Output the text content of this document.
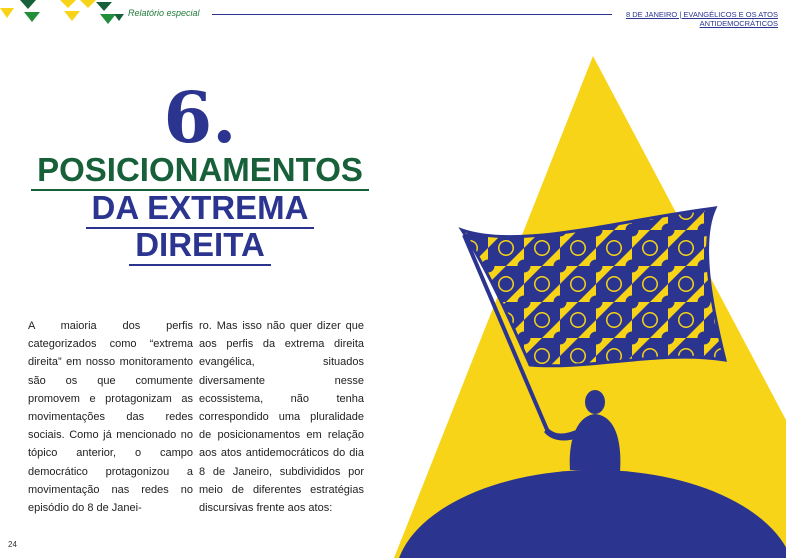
Relatório especial	8 DE JANEIRO | EVANGÉLICOS E OS ATOS
ANTIDEMOCRÁTICOS
6.
POSICIONAMENTOS
DA EXTREMA
DIREITA
A maioria dos perfis categorizados como “extrema direita” em nosso monitoramento são os que comumente promovem e protagonizam as movimentações das redes sociais. Como já mencionado no tópico anterior, o campo democrático protagonizou a movimentação nas redes no episódio do 8 de Janei-
ro. Mas isso não quer dizer que aos perfis da extrema direita evangélica, situados diversamente nesse ecossistema, não tenha correspondido uma pluralidade de posicionamentos em relação aos atos antidemocráticos do dia 8 de Janeiro, subdivididos por meio de diferentes estratégias discursivas frente aos atos:
24
